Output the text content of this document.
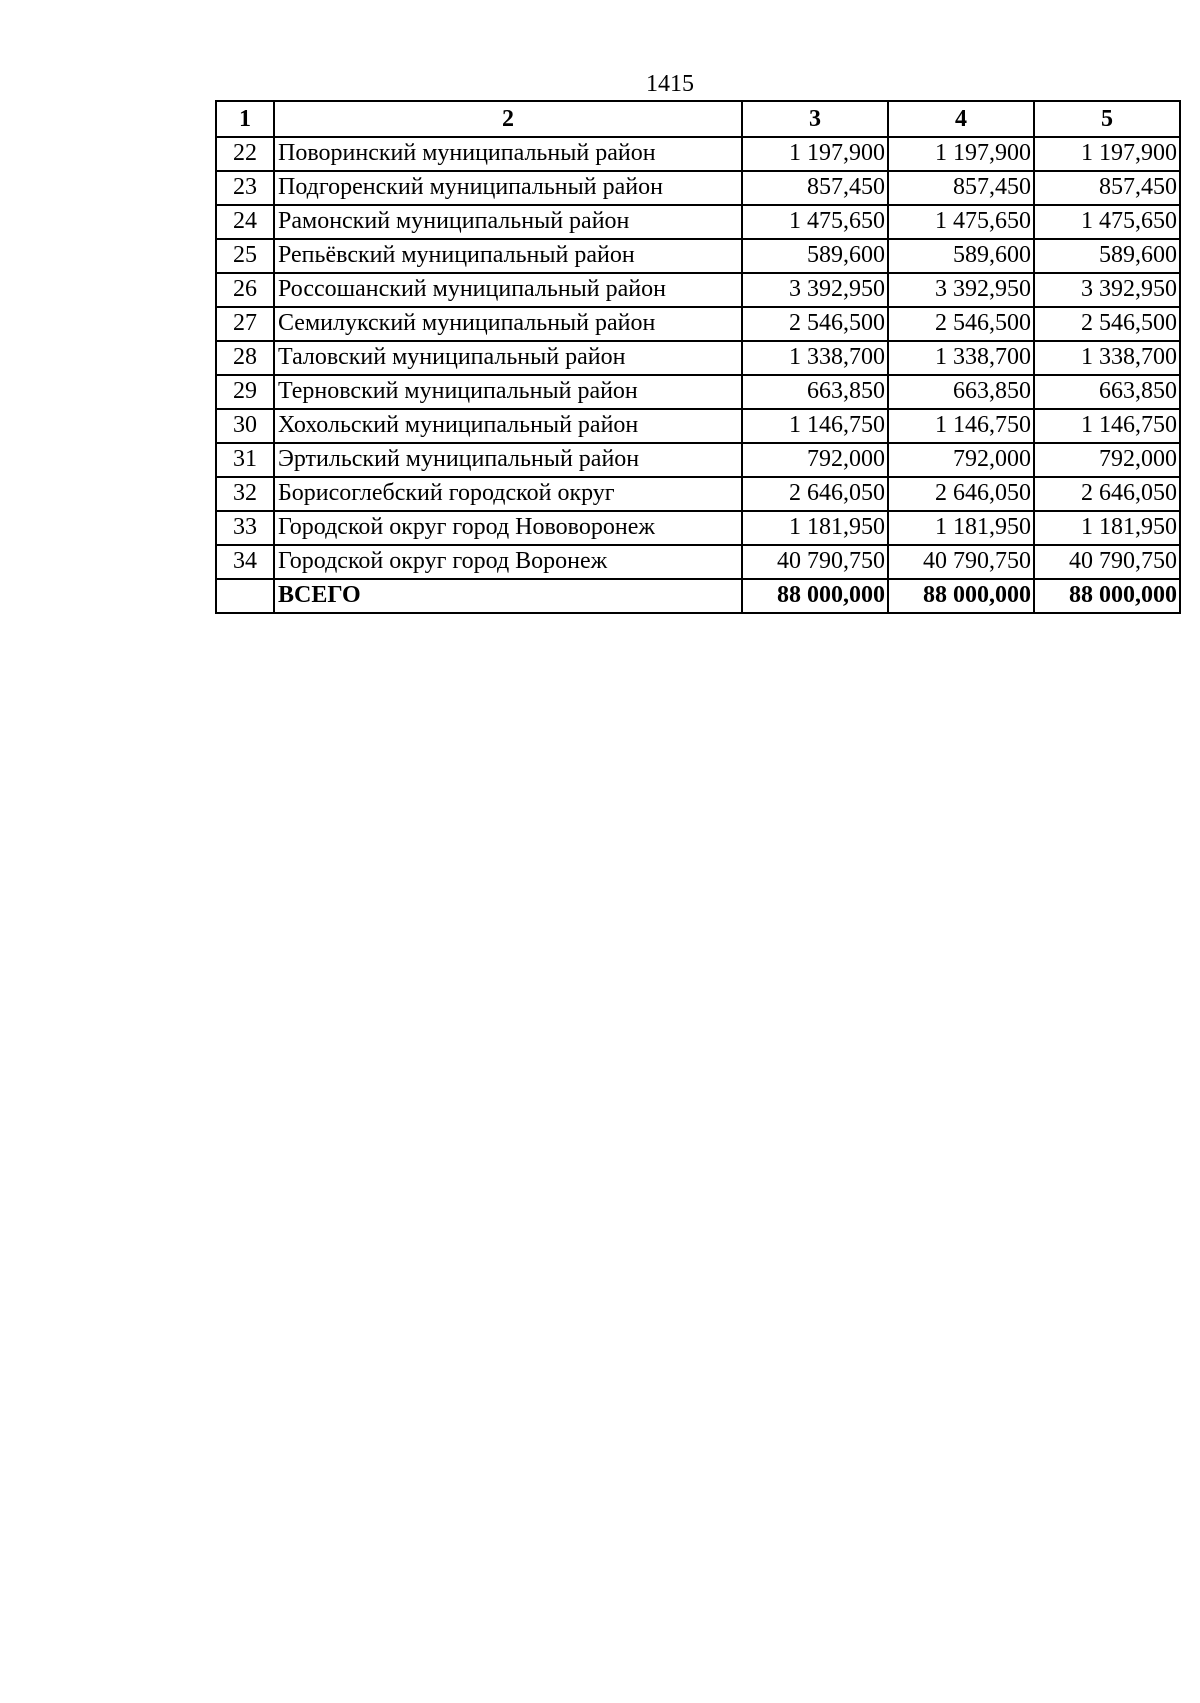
1415
1	2	3	4	5
22	Поворинский муниципальный район	1 197,900	1 197,900	1 197,900
23	Подгоренский муниципальный район	857,450	857,450	857,450
24	Рамонский муниципальный район	1 475,650	1 475,650	1 475,650
25	Репьёвский муниципальный район	589,600	589,600	589,600
26	Россошанский муниципальный район	3 392,950	3 392,950	3 392,950
27	Семилукский муниципальный район	2 546,500	2 546,500	2 546,500
28	Таловский муниципальный район	1 338,700	1 338,700	1 338,700
29	Терновский муниципальный район	663,850	663,850	663,850
30	Хохольский муниципальный район	1 146,750	1 146,750	1 146,750
31	Эртильский муниципальный район	792,000	792,000	792,000
32	Борисоглебский городской округ	2 646,050	2 646,050	2 646,050
33	Городской округ город Нововоронеж	1 181,950	1 181,950	1 181,950
34	Городской округ город Воронеж	40 790,750	40 790,750	40 790,750
	ВСЕГО	88 000,000	88 000,000	88 000,000
